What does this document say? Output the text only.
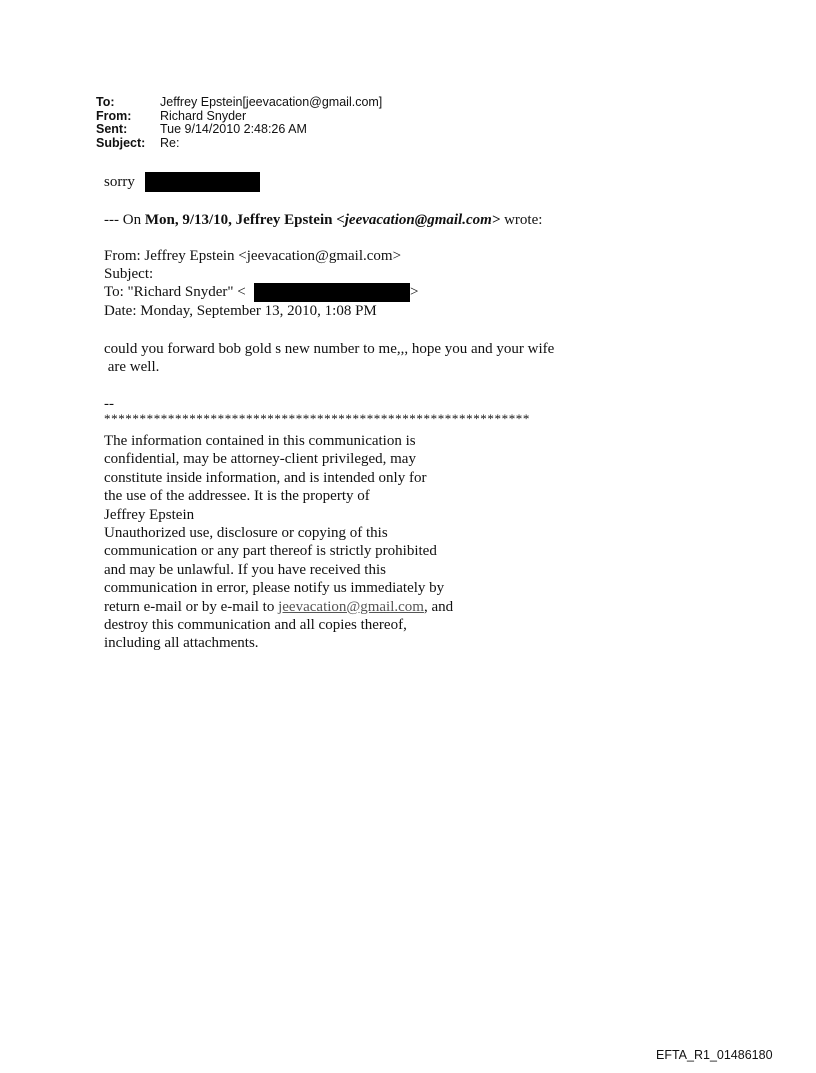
To:	Jeffrey Epstein[jeevacation@gmail.com]
From:	Richard Snyder
Sent:	Tue 9/14/2010 2:48:26 AM
Subject:	Re:
sorry
--- On Mon, 9/13/10, Jeffrey Epstein <jeevacation@gmail.com> wrote:
From: Jeffrey Epstein <jeevacation@gmail.com>
Subject:
To: "Richard Snyder" <	>
Date: Monday, September 13, 2010, 1:08 PM
could you forward bob gold s new number to me,,, hope you and your wife
are well.
--
************************************************************
The information contained in this communication is
confidential, may be attorney-client privileged, may
constitute inside information, and is intended only for
the use of the addressee. It is the property of
Jeffrey Epstein
Unauthorized use, disclosure or copying of this
communication or any part thereof is strictly prohibited
and may be unlawful. If you have received this
communication in error, please notify us immediately by
return e-mail or by e-mail to jeevacation@gmail.com, and
destroy this communication and all copies thereof,
including all attachments.
EFTA_R1_01486180
